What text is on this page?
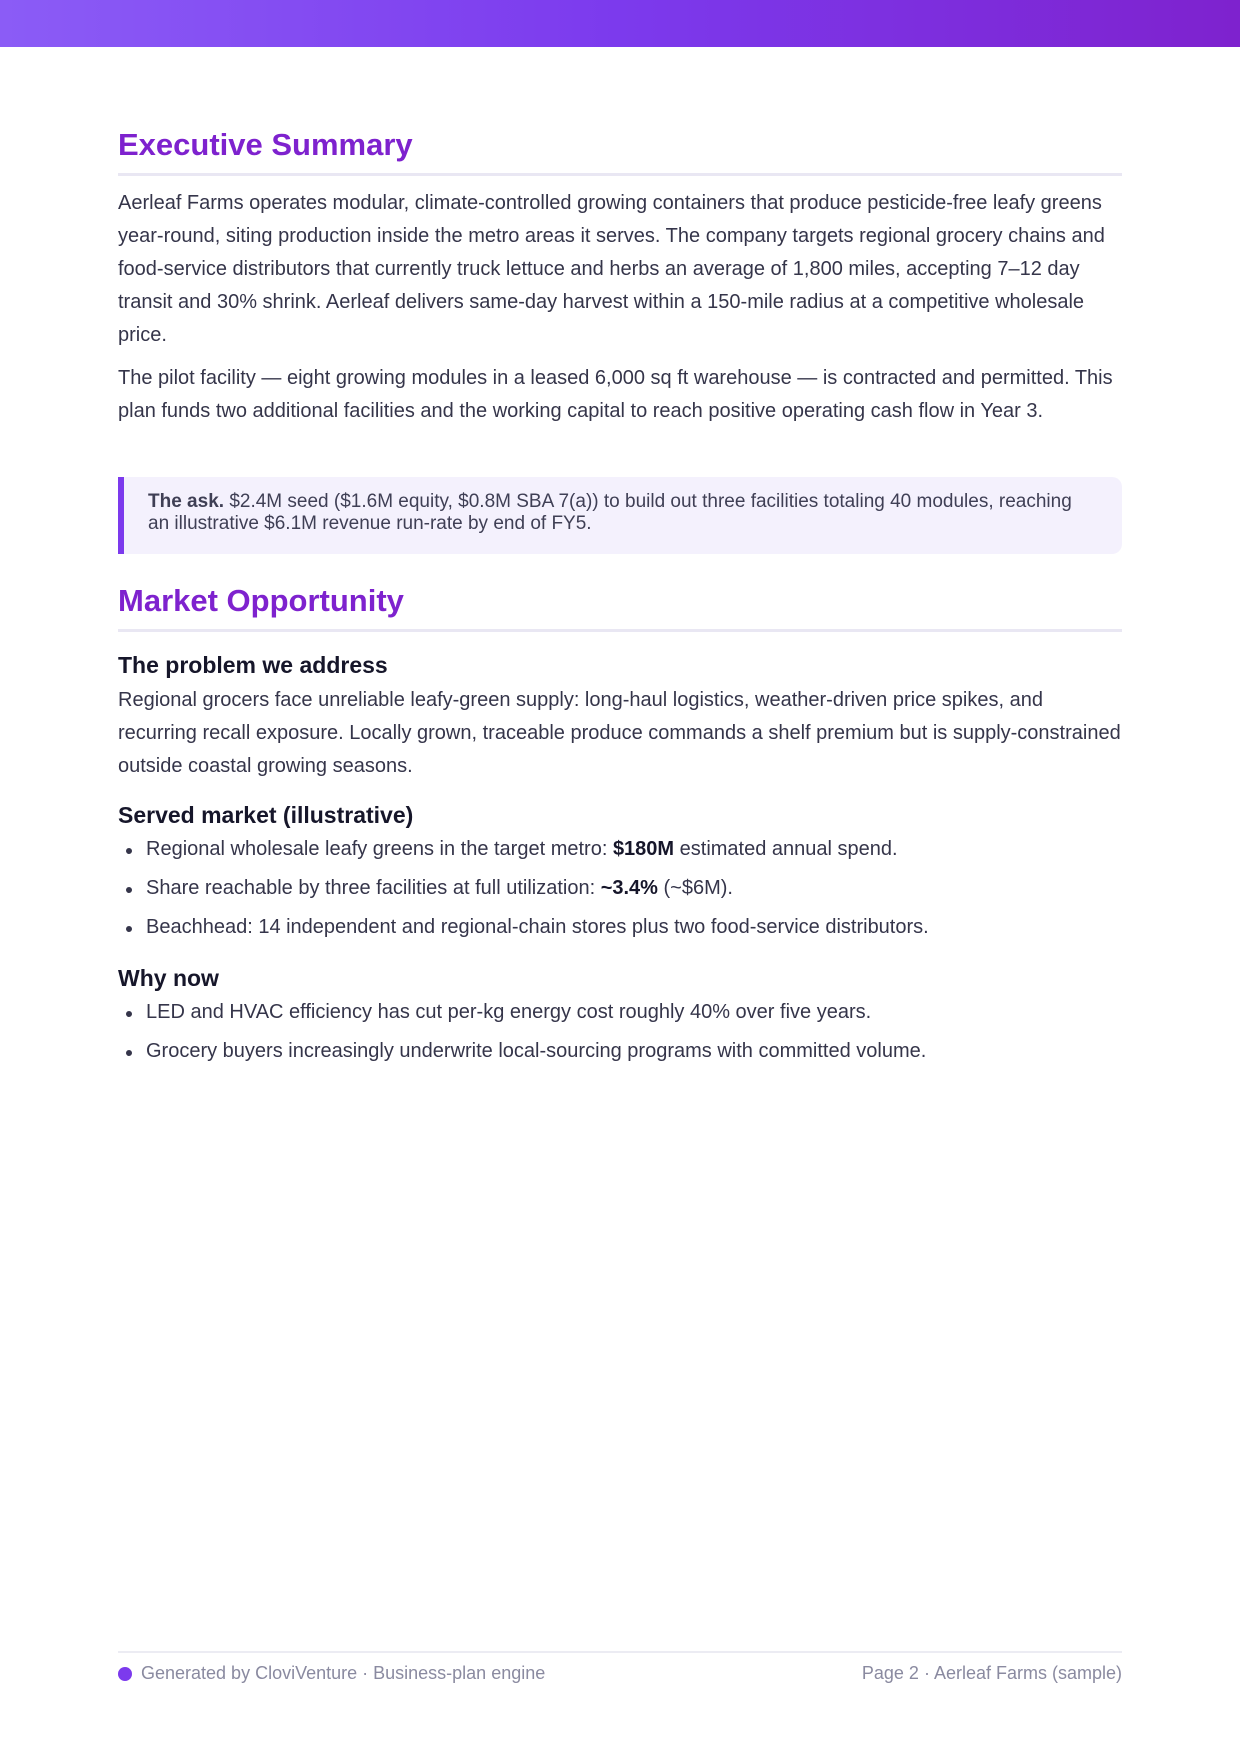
Executive Summary

Aerleaf Farms operates modular, climate-controlled growing containers that produce pesticide-free leafy greens year-round, siting production inside the metro areas it serves. The company targets regional grocery chains and food-service distributors that currently truck lettuce and herbs an average of 1,800 miles, accepting 7–12 day transit and 30% shrink. Aerleaf delivers same-day harvest within a 150-mile radius at a competitive wholesale price.

The pilot facility — eight growing modules in a leased 6,000 sq ft warehouse — is contracted and permitted. This plan funds two additional facilities and the working capital to reach positive operating cash flow in Year 3.

The ask. $2.4M seed ($1.6M equity, $0.8M SBA 7(a)) to build out three facilities totaling 40 modules, reaching an illustrative $6.1M revenue run-rate by end of FY5.
Market Opportunity
The problem we address

Regional grocers face unreliable leafy-green supply: long-haul logistics, weather-driven price spikes, and recurring recall exposure. Locally grown, traceable produce commands a shelf premium but is supply-constrained outside coastal growing seasons.

Served market (illustrative)
Regional wholesale leafy greens in the target metro: $180M estimated annual spend.
Share reachable by three facilities at full utilization: ~3.4% (~$6M).
Beachhead: 14 independent and regional-chain stores plus two food-service distributors.
Why now
LED and HVAC efficiency has cut per-kg energy cost roughly 40% over five years.
Grocery buyers increasingly underwrite local-sourcing programs with committed volume.
Generated by CloviVenture · Business-plan engine	Page 2 · Aerleaf Farms (sample)
